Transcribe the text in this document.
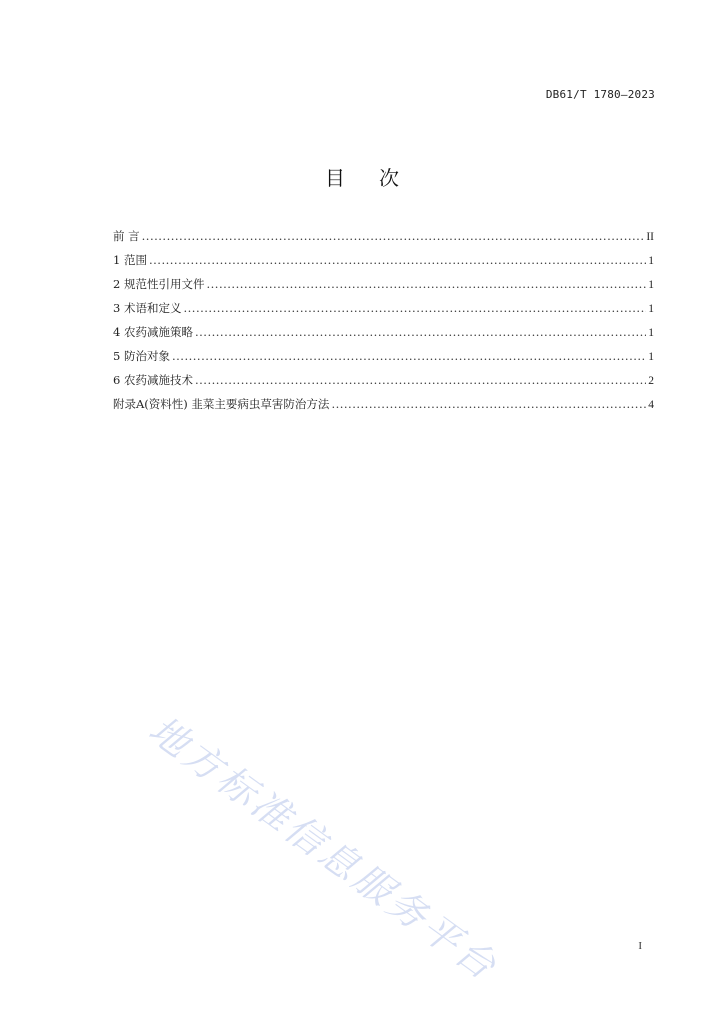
DB61/T 1780—2023
目次
前 言 .....	II
1 范围 .....	1
2 规范性引用文件 .....	1
3 术语和定义 .....	1
4 农药减施策略 .....	1
5 防治对象 .....	1
6 农药减施技术 .....	2
附录A(资料性) 韭菜主要病虫草害防治方法 .....	4
地方标准信息服务平台	I
